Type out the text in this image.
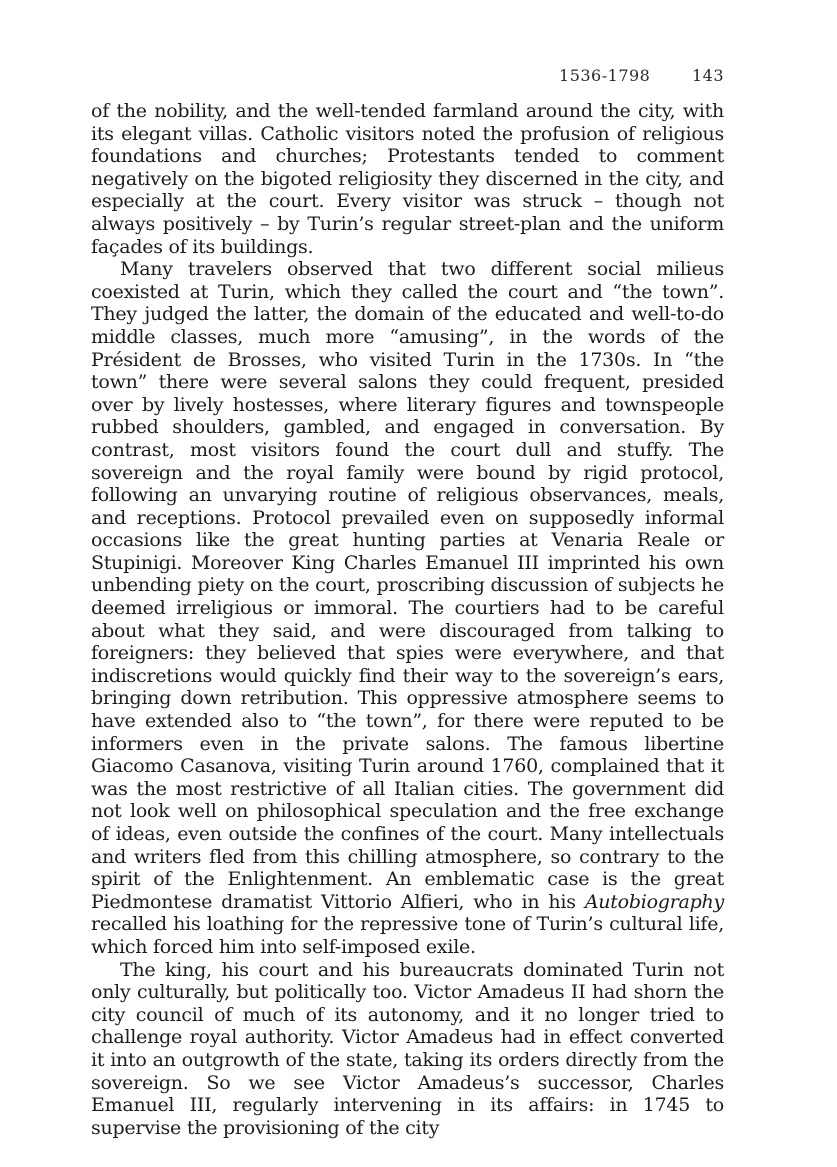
1536-1798	143

of the nobility, and the well-tended farmland around the city, with its elegant villas. Catholic visitors noted the profusion of religious foundations and churches; Protestants tended to comment negatively on the bigoted religiosity they discerned in the city, and especially at the court. Every visitor was struck – though not always positively – by Turin’s regular street-plan and the uniform façades of its buildings.

Many travelers observed that two different social milieus coexisted at Turin, which they called the court and “the town”. They judged the latter, the domain of the educated and well-to-do middle classes, much more “amusing”, in the words of the Président de Brosses, who visited Turin in the 1730s. In “the town” there were several salons they could frequent, presided over by lively hostesses, where literary figures and townspeople rubbed shoulders, gambled, and engaged in conversation. By contrast, most visitors found the court dull and stuffy. The sovereign and the royal family were bound by rigid protocol, following an unvarying routine of religious observances, meals, and receptions. Protocol prevailed even on supposedly informal occasions like the great hunting parties at Venaria Reale or Stupinigi. Moreover King Charles Emanuel III imprinted his own unbending piety on the court, proscribing discussion of subjects he deemed irreligious or immoral. The courtiers had to be careful about what they said, and were discouraged from talking to foreigners: they believed that spies were everywhere, and that indiscretions would quickly find their way to the sovereign’s ears, bringing down retribution. This oppressive atmosphere seems to have extended also to “the town”, for there were reputed to be informers even in the private salons. The famous libertine Giacomo Casanova, visiting Turin around 1760, complained that it was the most restrictive of all Italian cities. The government did not look well on philosophical speculation and the free exchange of ideas, even outside the confines of the court. Many intellectuals and writers fled from this chilling atmosphere, so contrary to the spirit of the Enlightenment. An emblematic case is the great Piedmontese dramatist Vittorio Alfieri, who in his Autobiography recalled his loathing for the repressive tone of Turin’s cultural life, which forced him into self-imposed exile.

The king, his court and his bureaucrats dominated Turin not only culturally, but politically too. Victor Amadeus II had shorn the city council of much of its autonomy, and it no longer tried to challenge royal authority. Victor Amadeus had in effect converted it into an outgrowth of the state, taking its orders directly from the sovereign. So we see Victor Amadeus’s successor, Charles Emanuel III, regularly intervening in its affairs: in 1745 to supervise the provisioning of the city
